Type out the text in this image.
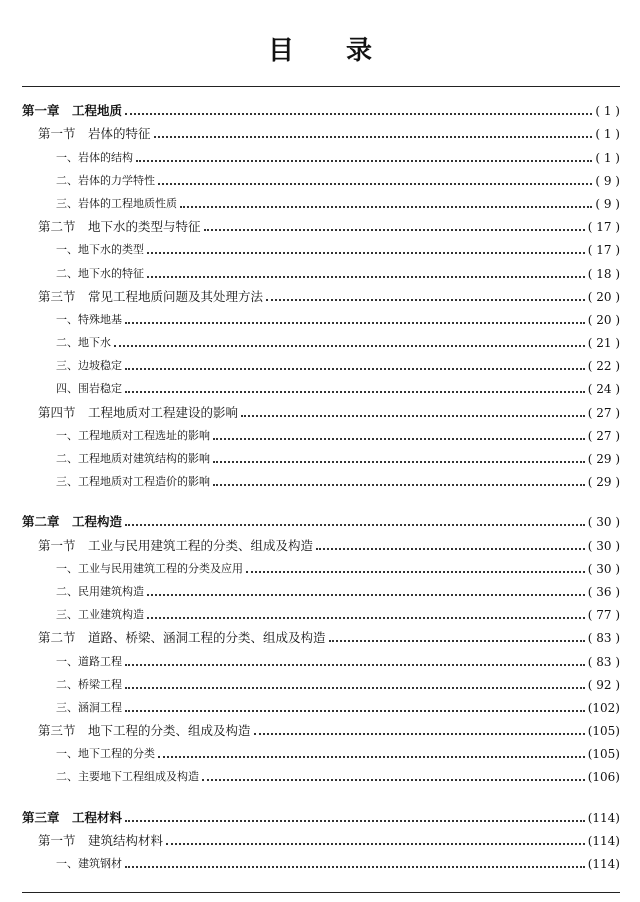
目 录
第一章　工程地质	( 1 )
第一节　岩体的特征	( 1 )
一、岩体的结构	( 1 )
二、岩体的力学特性	( 9 )
三、岩体的工程地质性质	( 9 )
第二节　地下水的类型与特征	( 17 )
一、地下水的类型	( 17 )
二、地下水的特征	( 18 )
第三节　常见工程地质问题及其处理方法	( 20 )
一、特殊地基	( 20 )
二、地下水	( 21 )
三、边坡稳定	( 22 )
四、围岩稳定	( 24 )
第四节　工程地质对工程建设的影响	( 27 )
一、工程地质对工程选址的影响	( 27 )
二、工程地质对建筑结构的影响	( 29 )
三、工程地质对工程造价的影响	( 29 )
第二章　工程构造	( 30 )
第一节　工业与民用建筑工程的分类、组成及构造	( 30 )
一、工业与民用建筑工程的分类及应用	( 30 )
二、民用建筑构造	( 36 )
三、工业建筑构造	( 77 )
第二节　道路、桥梁、涵洞工程的分类、组成及构造	( 83 )
一、道路工程	( 83 )
二、桥梁工程	( 92 )
三、涵洞工程	(102)
第三节　地下工程的分类、组成及构造	(105)
一、地下工程的分类	(105)
二、主要地下工程组成及构造	(106)
第三章　工程材料	(114)
第一节　建筑结构材料	(114)
一、建筑钢材	(114)
